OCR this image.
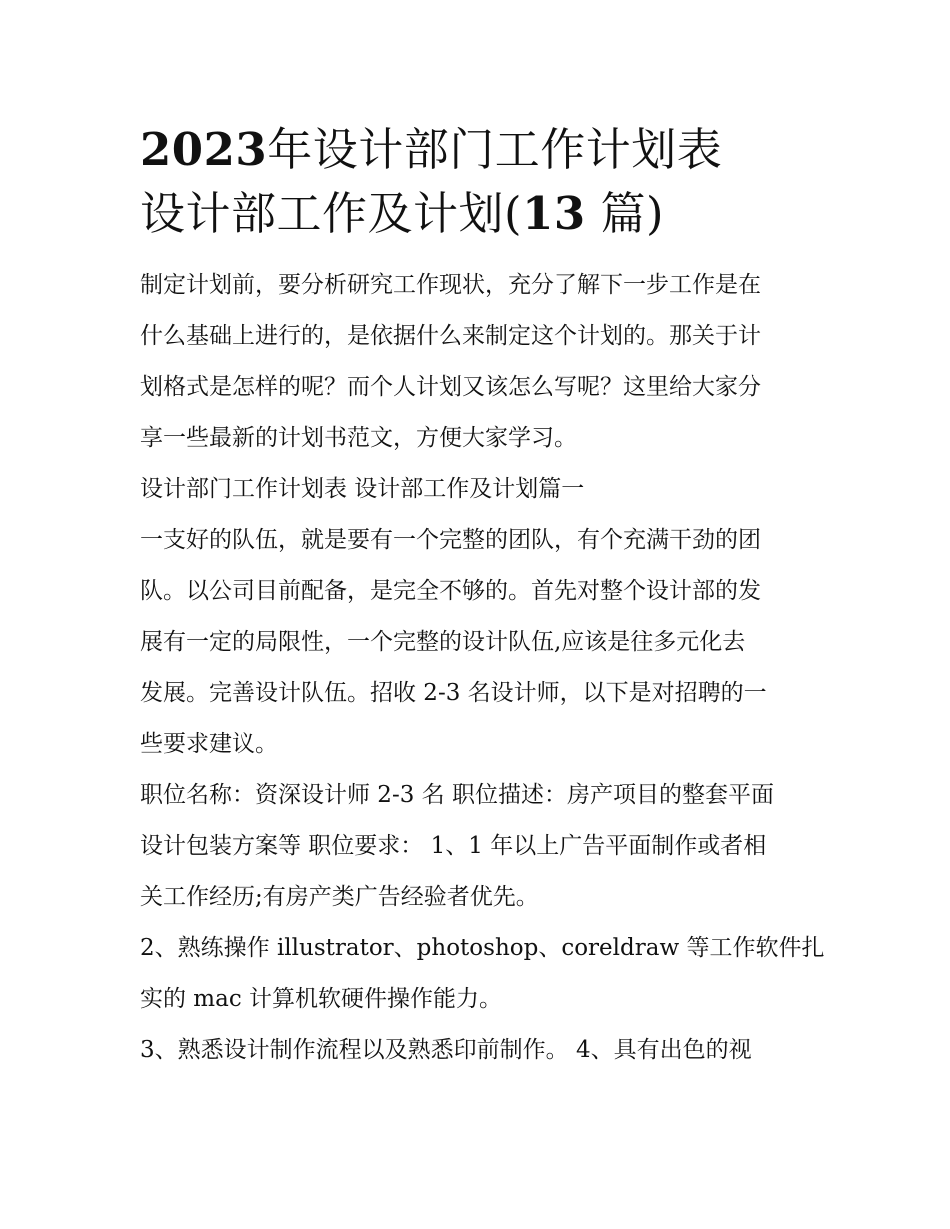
2023年设计部门工作计划表
设计部工作及计划(13 篇)
制定计划前，要分析研究工作现状，充分了解下一步工作是在
什么基础上进行的，是依据什么来制定这个计划的。那关于计
划格式是怎样的呢？而个人计划又该怎么写呢？这里给大家分
享一些最新的计划书范文，方便大家学习。
设计部门工作计划表 设计部工作及计划篇一
一支好的队伍，就是要有一个完整的团队，有个充满干劲的团
队。以公司目前配备，是完全不够的。首先对整个设计部的发
展有一定的局限性，一个完整的设计队伍,应该是往多元化去
发展。完善设计队伍。招收 2-3 名设计师，以下是对招聘的一
些要求建议。
职位名称：资深设计师 2-3 名 职位描述：房产项目的整套平面
设计包装方案等 职位要求： 1、1 年以上广告平面制作或者相
关工作经历;有房产类广告经验者优先。
2、熟练操作 illustrator、photoshop、coreldraw 等工作软件扎
实的 mac 计算机软硬件操作能力。
3、熟悉设计制作流程以及熟悉印前制作。 4、具有出色的视
